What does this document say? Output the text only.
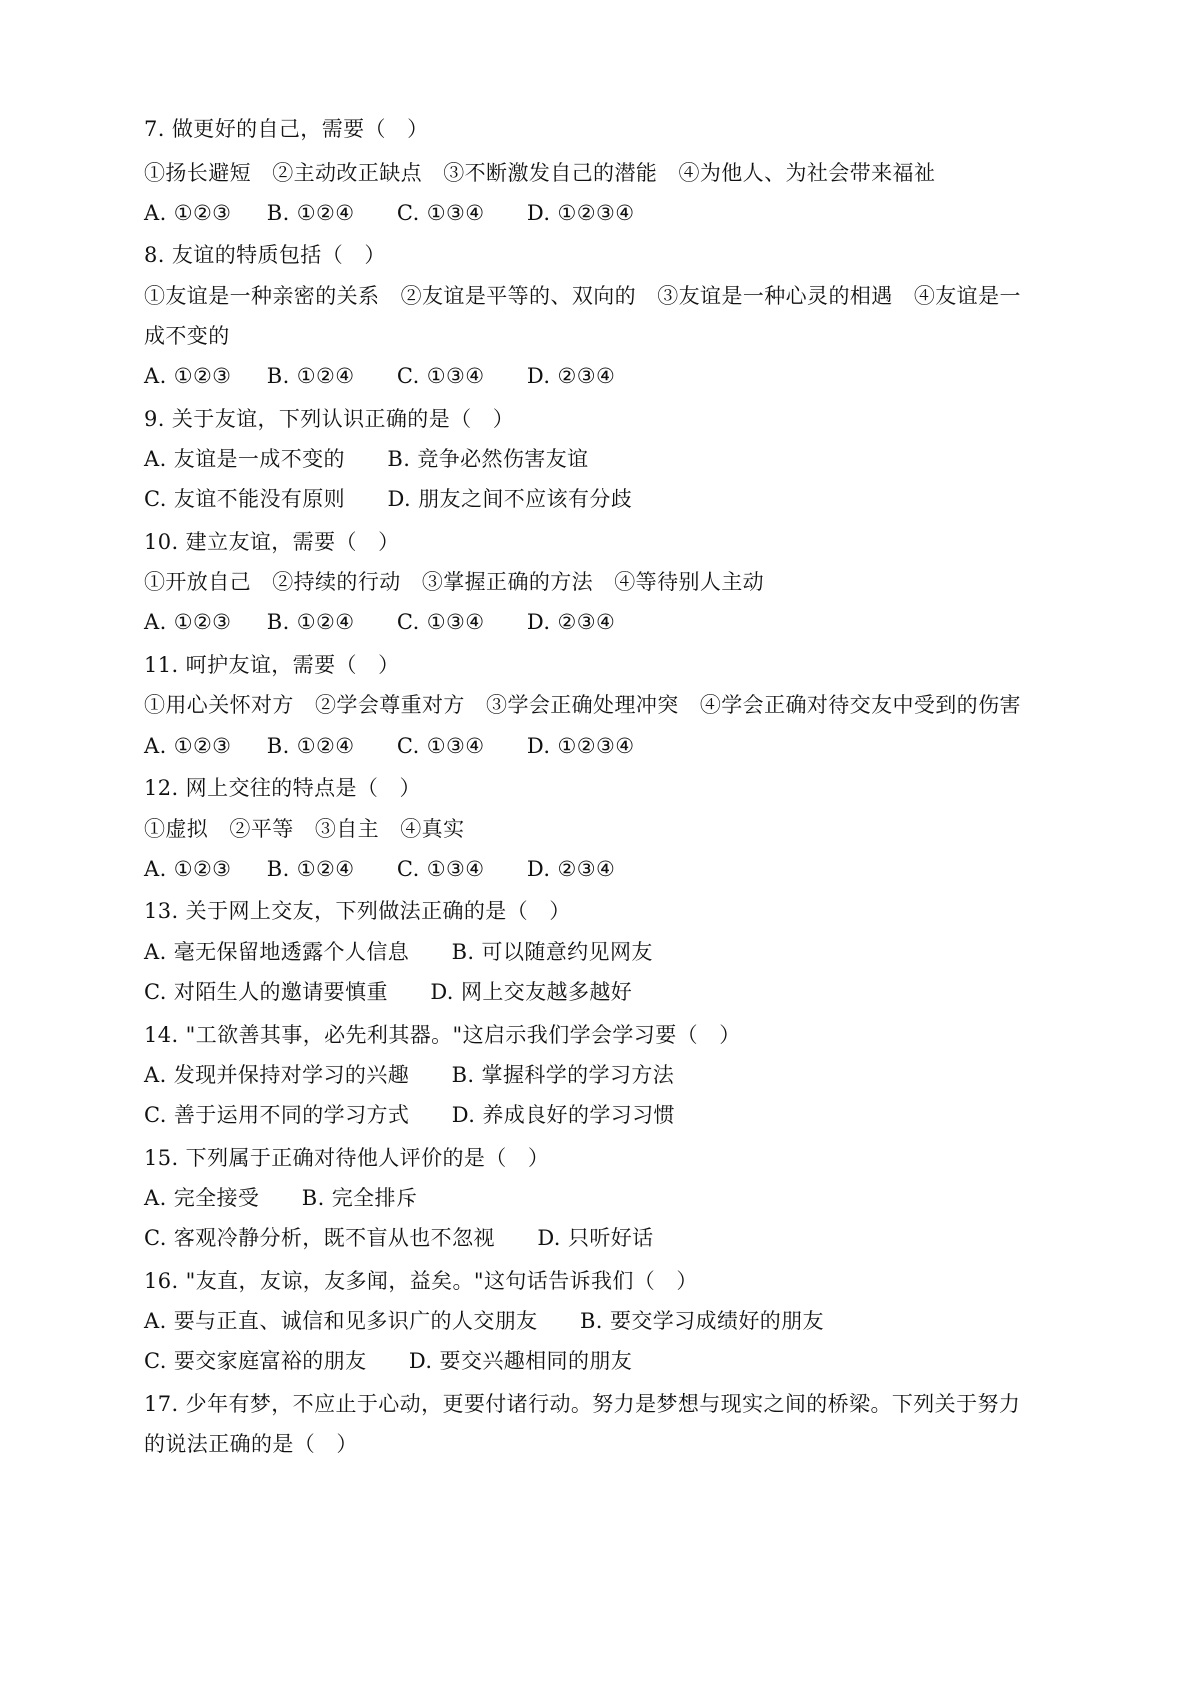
7. 做更好的自己，需要（   ）

①扬长避短   ②主动改正缺点   ③不断激发自己的潜能   ④为他人、为社会带来福祉

A. ①②③     B. ①②④      C. ①③④      D. ①②③④

8. 友谊的特质包括（   ）

①友谊是一种亲密的关系   ②友谊是平等的、双向的   ③友谊是一种心灵的相遇   ④友谊是一

成不变的

A. ①②③     B. ①②④      C. ①③④      D. ②③④

9. 关于友谊，下列认识正确的是（   ）

A. 友谊是一成不变的      B. 竞争必然伤害友谊

C. 友谊不能没有原则      D. 朋友之间不应该有分歧

10. 建立友谊，需要（   ）

①开放自己   ②持续的行动   ③掌握正确的方法   ④等待别人主动

A. ①②③     B. ①②④      C. ①③④      D. ②③④

11. 呵护友谊，需要（   ）

①用心关怀对方   ②学会尊重对方   ③学会正确处理冲突   ④学会正确对待交友中受到的伤害

A. ①②③     B. ①②④      C. ①③④      D. ①②③④

12. 网上交往的特点是（   ）

①虚拟   ②平等   ③自主   ④真实

A. ①②③     B. ①②④      C. ①③④      D. ②③④

13. 关于网上交友，下列做法正确的是（   ）

A. 毫无保留地透露个人信息      B. 可以随意约见网友

C. 对陌生人的邀请要慎重      D. 网上交友越多越好

14. "工欲善其事，必先利其器。"这启示我们学会学习要（   ）

A. 发现并保持对学习的兴趣      B. 掌握科学的学习方法

C. 善于运用不同的学习方式      D. 养成良好的学习习惯

15. 下列属于正确对待他人评价的是（   ）

A. 完全接受      B. 完全排斥

C. 客观冷静分析，既不盲从也不忽视      D. 只听好话

16. "友直，友谅，友多闻，益矣。"这句话告诉我们（   ）

A. 要与正直、诚信和见多识广的人交朋友      B. 要交学习成绩好的朋友

C. 要交家庭富裕的朋友      D. 要交兴趣相同的朋友

17. 少年有梦，不应止于心动，更要付诸行动。努力是梦想与现实之间的桥梁。下列关于努力

的说法正确的是（   ）
